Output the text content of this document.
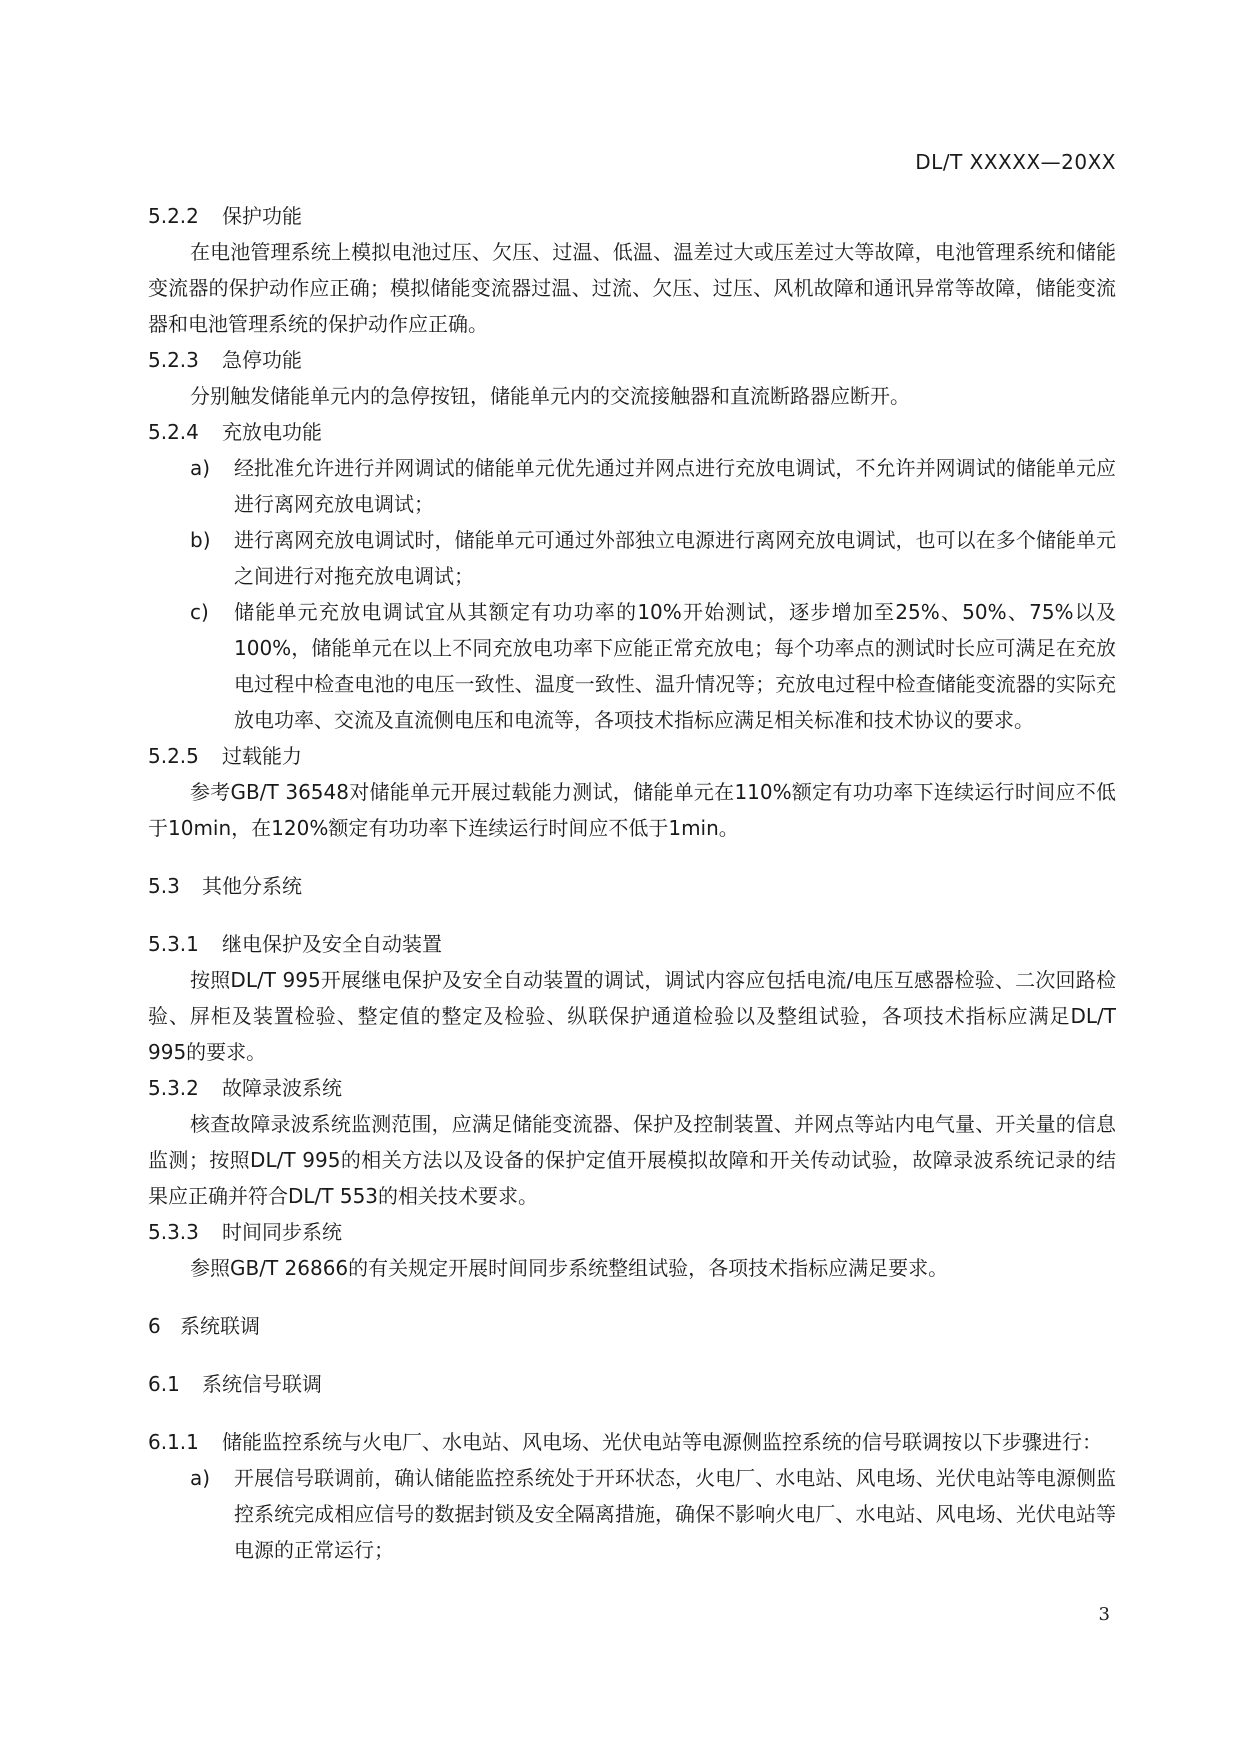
DL/T XXXXX—20XX
5.2.2 保护功能
在电池管理系统上模拟电池过压、欠压、过温、低温、温差过大或压差过大等故障，电池管理系统和储能变流器的保护动作应正确；模拟储能变流器过温、过流、欠压、过压、风机故障和通讯异常等故障，储能变流器和电池管理系统的保护动作应正确。
5.2.3 急停功能
分别触发储能单元内的急停按钮，储能单元内的交流接触器和直流断路器应断开。
5.2.4 充放电功能
a) 经批准允许进行并网调试的储能单元优先通过并网点进行充放电调试，不允许并网调试的储能单元应进行离网充放电调试；
b) 进行离网充放电调试时，储能单元可通过外部独立电源进行离网充放电调试，也可以在多个储能单元之间进行对拖充放电调试；
c) 储能单元充放电调试宜从其额定有功功率的10%开始测试，逐步增加至25%、50%、75%以及100%，储能单元在以上不同充放电功率下应能正常充放电；每个功率点的测试时长应可满足在充放电过程中检查电池的电压一致性、温度一致性、温升情况等；充放电过程中检查储能变流器的实际充放电功率、交流及直流侧电压和电流等，各项技术指标应满足相关标准和技术协议的要求。
5.2.5 过载能力
参考GB/T 36548对储能单元开展过载能力测试，储能单元在110%额定有功功率下连续运行时间应不低于10min，在120%额定有功功率下连续运行时间应不低于1min。
5.3 其他分系统
5.3.1 继电保护及安全自动装置
按照DL/T 995开展继电保护及安全自动装置的调试，调试内容应包括电流/电压互感器检验、二次回路检验、屏柜及装置检验、整定值的整定及检验、纵联保护通道检验以及整组试验，各项技术指标应满足DL/T 995的要求。
5.3.2 故障录波系统
核查故障录波系统监测范围，应满足储能变流器、保护及控制装置、并网点等站内电气量、开关量的信息监测；按照DL/T 995的相关方法以及设备的保护定值开展模拟故障和开关传动试验，故障录波系统记录的结果应正确并符合DL/T 553的相关技术要求。
5.3.3 时间同步系统
参照GB/T 26866的有关规定开展时间同步系统整组试验，各项技术指标应满足要求。
6 系统联调
6.1 系统信号联调
6.1.1 储能监控系统与火电厂、水电站、风电场、光伏电站等电源侧监控系统的信号联调按以下步骤进行：
a) 开展信号联调前，确认储能监控系统处于开环状态，火电厂、水电站、风电场、光伏电站等电源侧监控系统完成相应信号的数据封锁及安全隔离措施，确保不影响火电厂、水电站、风电场、光伏电站等电源的正常运行；
3
